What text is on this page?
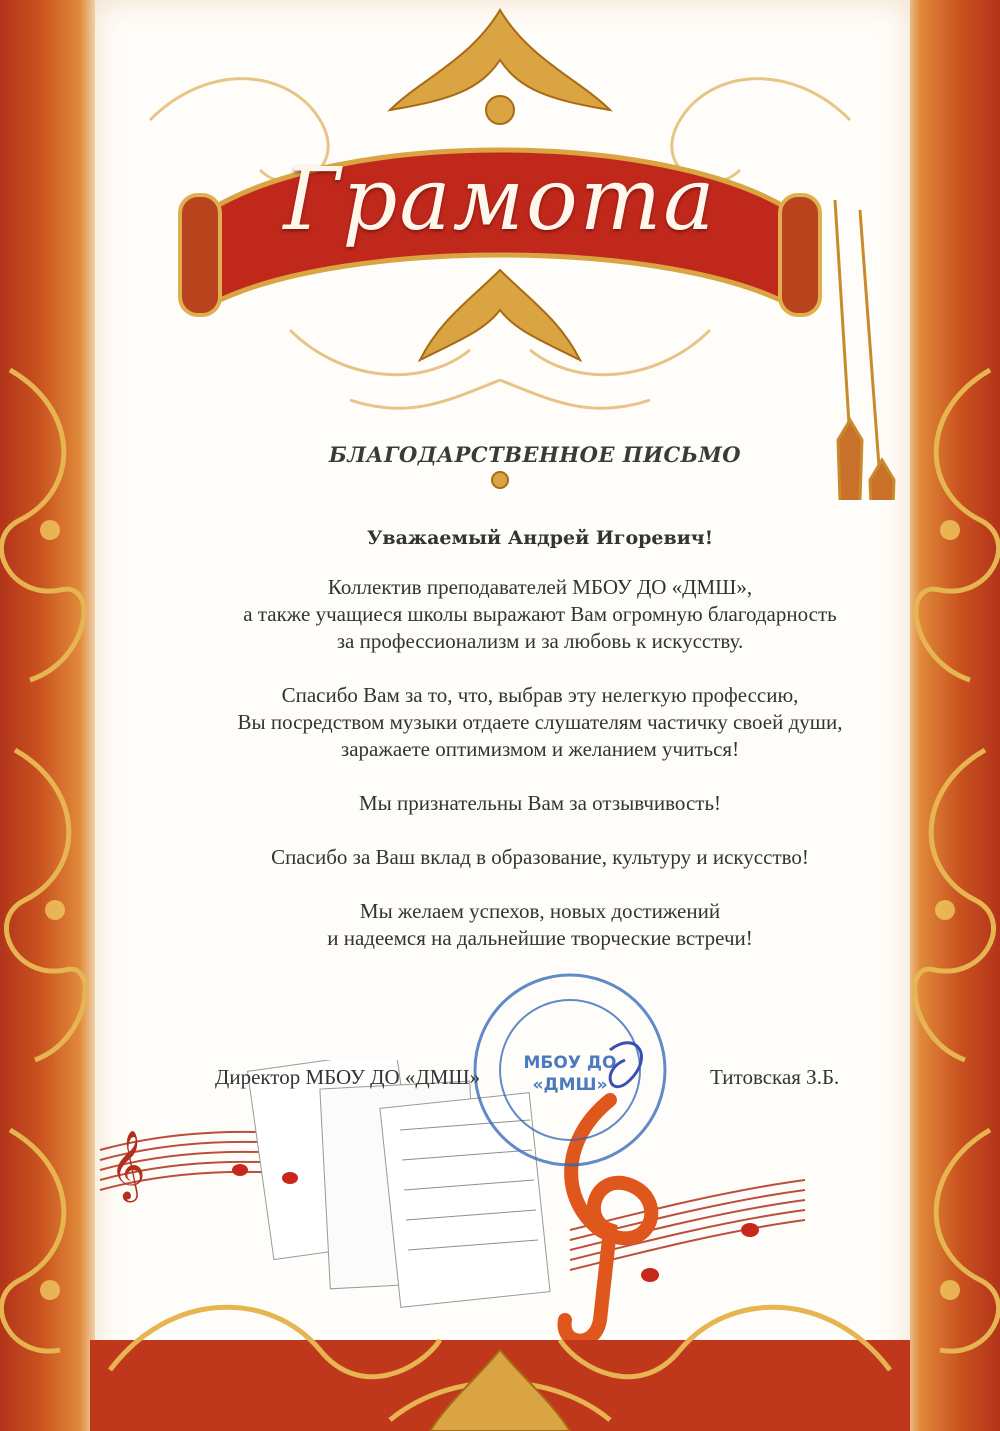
Грамота
БЛАГОДАРСТВЕННОЕ ПИСЬМО
Уважаемый Андрей Игоревич!

Коллектив преподавателей МБОУ ДО «ДМШ»,
а также учащиеся школы выражают Вам огромную благодарность
за профессионализм и за любовь к искусству.

Спасибо Вам за то, что, выбрав эту нелегкую профессию,
Вы посредством музыки отдаете слушателям частичку своей души,
заражаете оптимизмом и желанием учиться!

Мы признательны Вам за отзывчивость!

Спасибо за Ваш вклад в образование, культуру и искусство!

Мы желаем успехов, новых достижений
и надеемся на дальнейшие творческие встречи!

𝄞
МБОУ ДО
«ДМШ»
Директор МБОУ ДО «ДМШ»	Титовская З.Б.
